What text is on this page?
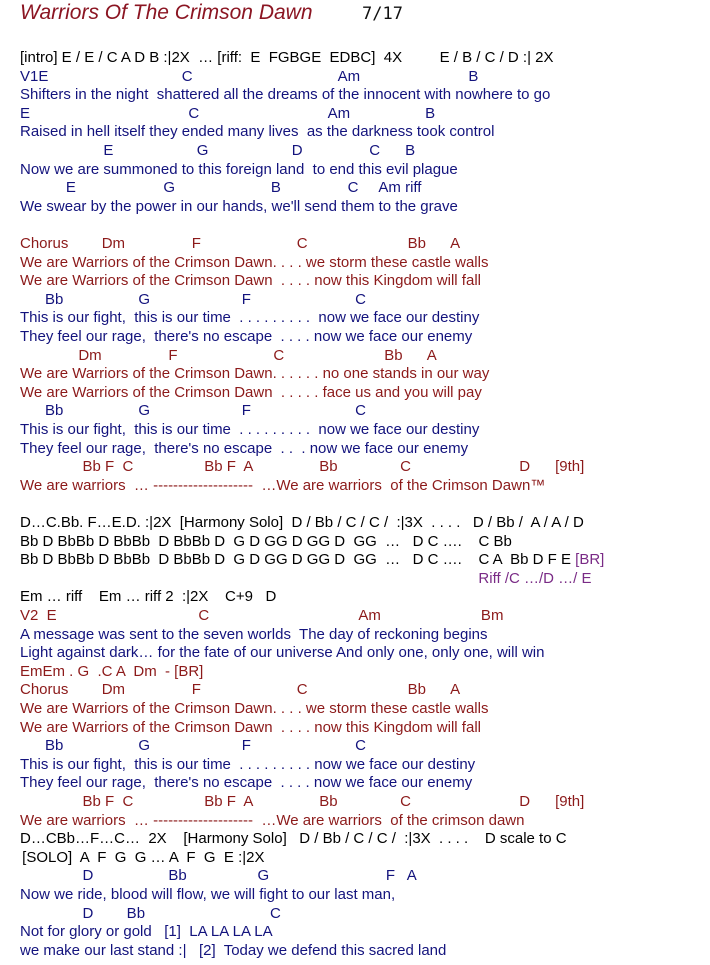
Warriors Of The Crimson Dawn	7/17
[intro] E / E / C A D B :|2X  … [riff:  E  FGBGE  EDBC]  4X         E / B / C / D :| 2X
V1E                                C                                   Am                          B
Shifters in the night  shattered all the dreams of the innocent with nowhere to go
E                                      C                               Am                  B
Raised in hell itself they ended many lives  as the darkness took control
E                    G                    D                C      B
Now we are summoned to this foreign land  to end this evil plague
E                     G                       B                C     Am riff
We swear by the power in our hands, we'll send them to the grave
Chorus        Dm                F                       C                        Bb      A
We are Warriors of the Crimson Dawn. . . . we storm these castle walls
We are Warriors of the Crimson Dawn  . . . . now this Kingdom will fall
Bb                  G                      F                         C
This is our fight,  this is our time  . . . . . . . . .  now we face our destiny
They feel our rage,  there's no escape  . . . . now we face our enemy
Dm                F                       C                        Bb      A
We are Warriors of the Crimson Dawn. . . . . . no one stands in our way
We are Warriors of the Crimson Dawn  . . . . . face us and you will pay
Bb                  G                      F                         C
This is our fight,  this is our time  . . . . . . . . .  now we face our destiny
They feel our rage,  there's no escape  . .  . now we face our enemy
Bb F  C                 Bb F  A                Bb               C                          D      [9th]
We are warriors  … --------------------  …We are warriors  of the Crimson Dawn™
D…C.Bb. F…E.D. :|2X  [Harmony Solo]  D / Bb / C / C /  :|3X  . . . .   D / Bb /  A / A / D
Bb D BbBb D BbBb  D BbBb D  G D GG D GG D  GG  …   D C ….    C Bb
Bb D BbBb D BbBb  D BbBb D  G D GG D GG D  GG  …   D C ….    C A  Bb D F E [BR]
Riff /C …/D …/ E
Em … riff    Em … riff 2  :|2X    C+9   D
V2  E                                  C                                    Am                        Bm
A message was sent to the seven worlds  The day of reckoning begins
Light against dark… for the fate of our universe And only one, only one, will win
EmEm . G  .C A  Dm  - [BR]
Chorus        Dm                F                       C                        Bb      A
We are Warriors of the Crimson Dawn. . . . we storm these castle walls
We are Warriors of the Crimson Dawn  . . . . now this Kingdom will fall
Bb                  G                      F                         C
This is our fight,  this is our time  . . . . . . . . . now we face our destiny
They feel our rage,  there's no escape  . . . . now we face our enemy
Bb F  C                 Bb F  A                Bb               C                          D      [9th]
We are warriors  … --------------------  …We are warriors  of the crimson dawn
D…CBb…F…C…  2X    [Harmony Solo]   D / Bb / C / C /  :|3X  . . . .    D scale to C
[SOLO]  A  F  G  G … A  F  G  E :|2X
D                  Bb                 G                            F   A
Now we ride, blood will flow, we will fight to our last man,
D        Bb                              C
Not for glory or gold   [1]  LA LA LA LA
we make our last stand :|   [2]  Today we defend this sacred land
